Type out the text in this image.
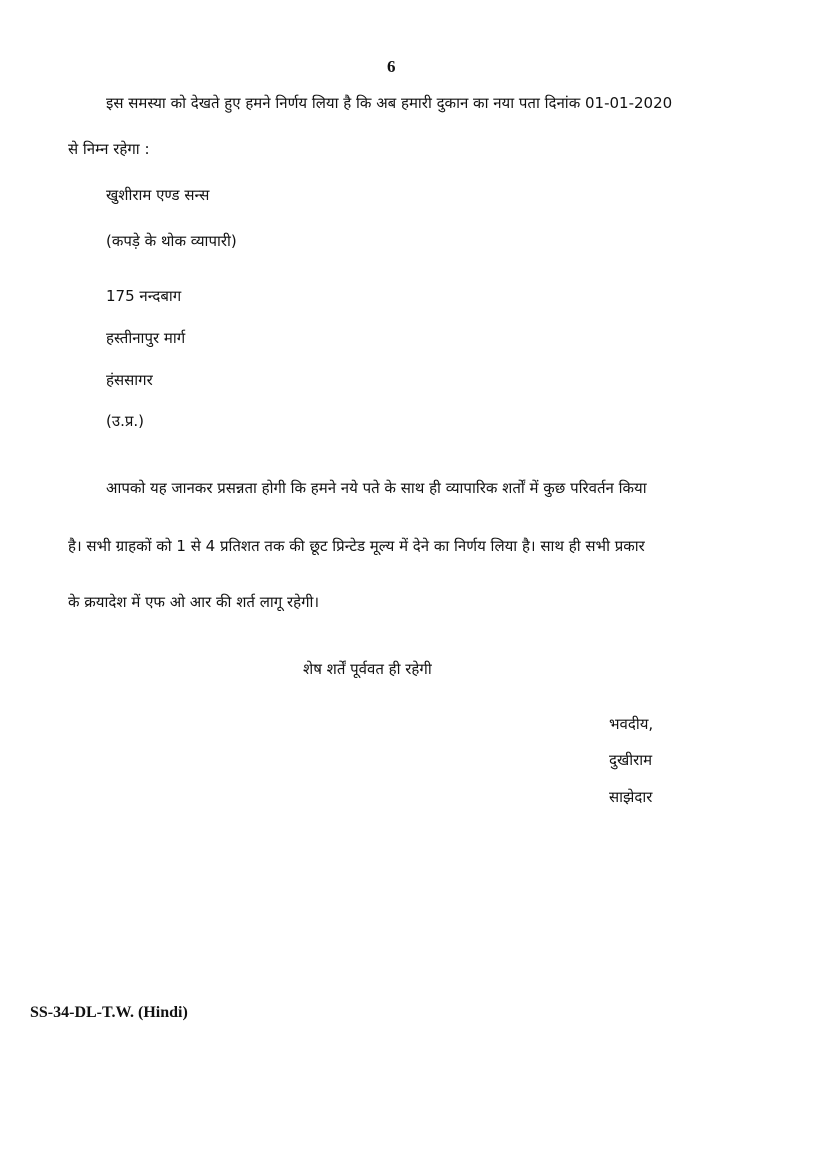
6
इस समस्या को देखते हुए हमने निर्णय लिया है कि अब हमारी दुकान का नया पता दिनांक 01-01-2020
से निम्न रहेगा :
खुशीराम एण्ड सन्स
(कपड़े के थोक व्यापारी)
175 नन्दबाग
हस्तीनापुर मार्ग
हंससागर
(उ.प्र.)
आपको यह जानकर प्रसन्नता होगी कि हमने नये पते के साथ ही व्यापारिक शर्तों में कुछ परिवर्तन किया
है। सभी ग्राहकों को 1 से 4 प्रतिशत तक की छूट प्रिन्टेड मूल्य में देने का निर्णय लिया है। साथ ही सभी प्रकार
के क्रयादेश में एफ ओ आर की शर्त लागू रहेगी।
शेष शर्तें पूर्ववत ही रहेगी
भवदीय,
दुखीराम
साझेदार
SS-34-DL-T.W. (Hindi)
